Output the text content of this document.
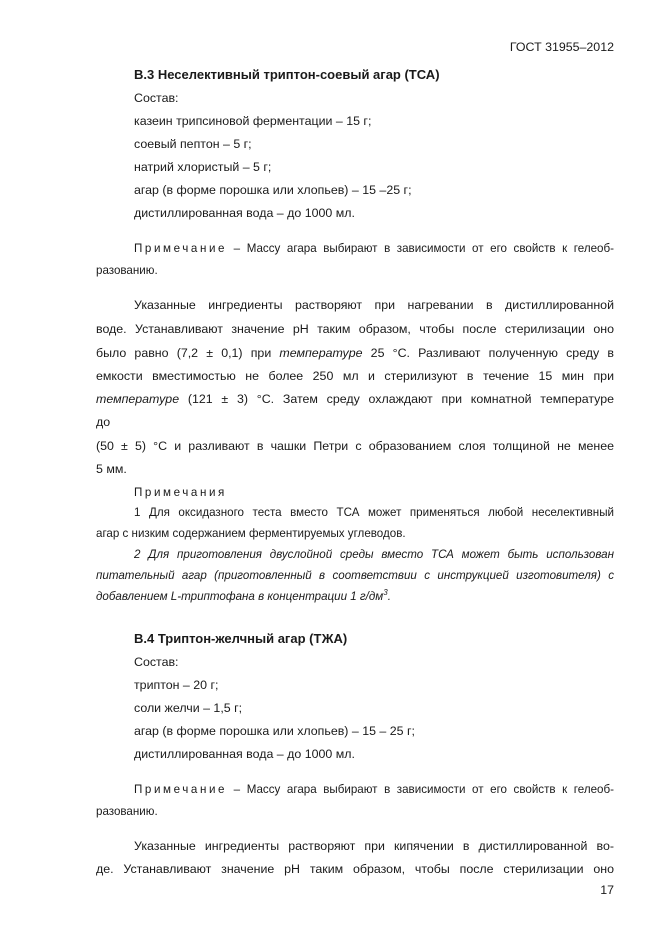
ГОСТ 31955–2012
В.3 Неселективный триптон-соевый агар (ТСА)
Состав:
казеин трипсиновой ферментации – 15 г;
соевый пептон – 5 г;
натрий хлористый – 5 г;
агар (в форме порошка или хлопьев) – 15 –25 г;
дистиллированная вода – до 1000 мл.
Примечание – Массу агара выбирают в зависимости от его свойств к гелеоб-
разованию.
Указанные ингредиенты растворяют при нагревании в дистиллированной
воде. Устанавливают значение pH таким образом, чтобы после стерилизации оно
было равно (7,2 ± 0,1) при температуре 25 °С. Разливают полученную среду в
емкости вместимостью не более 250 мл и стерилизуют в течение 15 мин при
температуре (121 ± 3) °С. Затем среду охлаждают при комнатной температуре
до
(50 ± 5) °С и разливают в чашки Петри с образованием слоя толщиной не менее
5 мм.
Примечания
1 Для оксидазного теста вместо ТСА может применяться любой неселективный
агар с низким содержанием ферментируемых углеводов.
2 Для приготовления двуслойной среды вместо ТСА может быть использован
питательный агар (приготовленный в соответствии с инструкцией изготовителя) с
добавлением L-триптофана в концентрации 1 $г/дм^3$.
В.4 Триптон-желчный агар (ТЖА)
Состав:
триптон – 20 г;
соли желчи – 1,5 г;
агар (в форме порошка или хлопьев) – 15 – 25 г;
дистиллированная вода – до 1000 мл.
Примечание – Массу агара выбирают в зависимости от его свойств к гелеоб-
разованию.
Указанные ингредиенты растворяют при кипячении в дистиллированной во-
де. Устанавливают значение pH таким образом, чтобы после стерилизации оно
17
